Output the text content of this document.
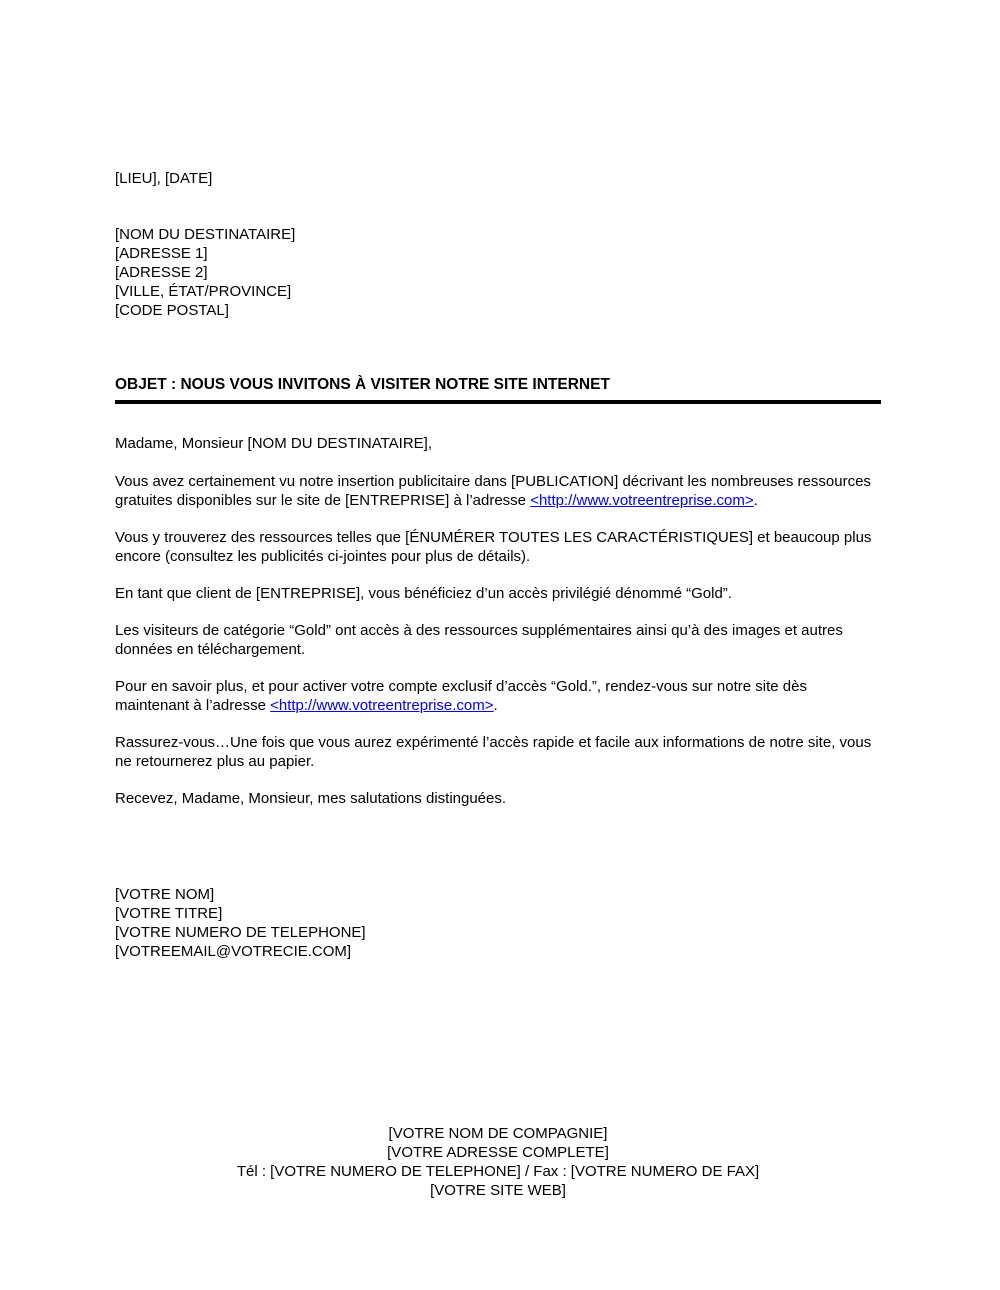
[LIEU], [DATE]
[NOM DU DESTINATAIRE]
[ADRESSE 1]
[ADRESSE 2]
[VILLE, ÉTAT/PROVINCE]
[CODE POSTAL]
OBJET : NOUS VOUS INVITONS À VISITER NOTRE SITE INTERNET
Madame, Monsieur [NOM DU DESTINATAIRE],

Vous avez certainement vu notre insertion publicitaire dans [PUBLICATION] décrivant les nombreuses ressources gratuites disponibles sur le site de [ENTREPRISE] à l’adresse <http://www.votreentreprise.com>.

Vous y trouverez des ressources telles que [ÉNUMÉRER TOUTES LES CARACTÉRISTIQUES] et beaucoup plus encore (consultez les publicités ci-jointes pour plus de détails).

En tant que client de [ENTREPRISE], vous bénéficiez d’un accès privilégié dénommé “Gold”.

Les visiteurs de catégorie “Gold” ont accès à des ressources supplémentaires ainsi qu’à des images et autres données en téléchargement.

Pour en savoir plus, et pour activer votre compte exclusif d’accès “Gold.”, rendez-vous sur notre site dès maintenant à l’adresse <http://www.votreentreprise.com>.

Rassurez-vous…Une fois que vous aurez expérimenté l’accès rapide et facile aux informations de notre site, vous ne retournerez plus au papier.

Recevez, Madame, Monsieur, mes salutations distinguées.
[VOTRE NOM]
[VOTRE TITRE]
[VOTRE NUMERO DE TELEPHONE]
[VOTREEMAIL@VOTRECIE.COM]
[VOTRE NOM DE COMPAGNIE]
[VOTRE ADRESSE COMPLETE]
Tél : [VOTRE NUMERO DE TELEPHONE] / Fax : [VOTRE NUMERO DE FAX]
[VOTRE SITE WEB]
